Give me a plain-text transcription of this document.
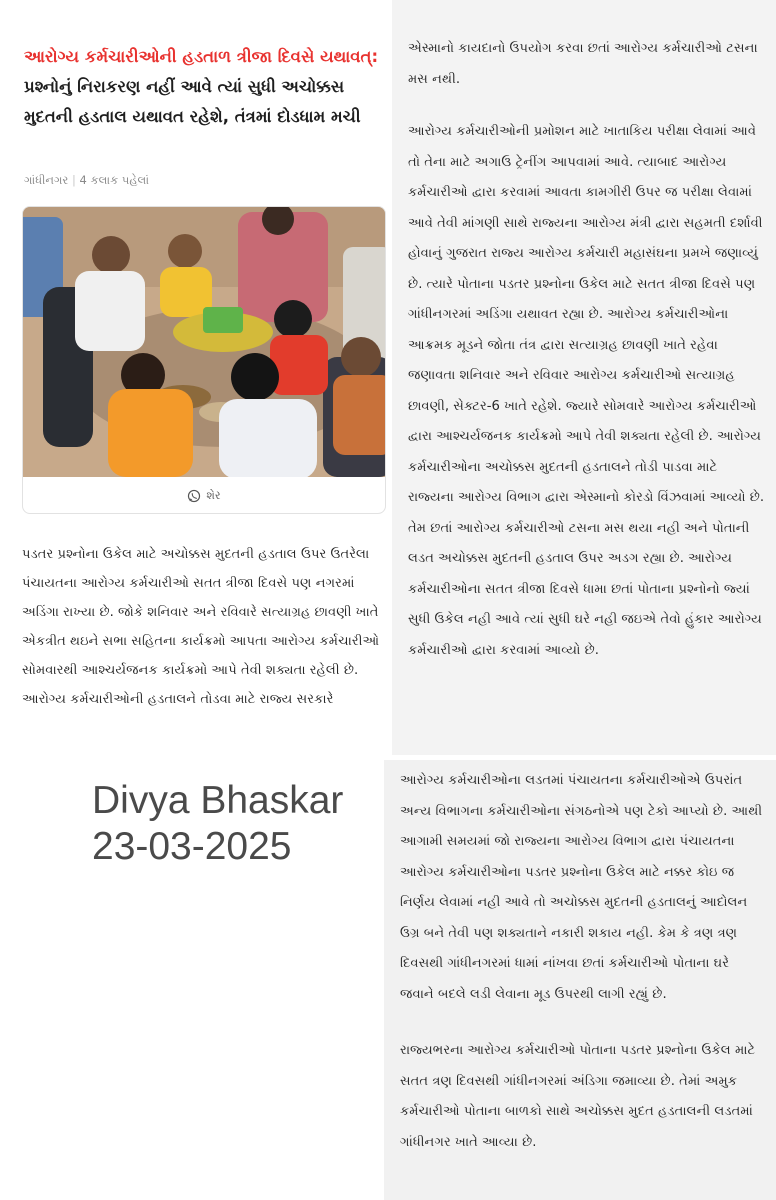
આરોગ્ય કર્મચારીઓની હડતાળ ત્રીજા દિવસે યથાવત્: પ્રશ્નોનું નિરાકરણ નહીં આવે ત્યાં સુધી અચોક્કસ મુદતની હડતાલ યથાવત રહેશે, તંત્રમાં દોડધામ મચી
ગાંધીનગર | 4 કલાક પહેલાં
શેર
પડતર પ્રશ્નોના ઉકેલ માટે અચોક્કસ મુદતની હડતાલ ઉપર ઉતરેલા પંચાયતના આરોગ્ય કર્મચારીઓ સતત ત્રીજા દિવસે પણ નગરમાં અડિંગા રાખ્યા છે. જોકે શનિવાર અને રવિવારે સત્યાગ્રહ છાવણી ખાતે એકત્રીત થઇને સભા સહિતના કાર્યક્રમો આપતા આરોગ્ય કર્મચારીઓ સોમવારથી આશ્ચર્યજનક કાર્યક્રમો આપે તેવી શક્યતા રહેલી છે. આરોગ્ય કર્મચારીઓની હડતાલને તોડવા માટે રાજ્ય સરકારે
Divya Bhaskar
23-03-2025

એસ્માનો કાયદાનો ઉપયોગ કરવા છતાં આરોગ્ય કર્મચારીઓ ટસના મસ નથી.

આરોગ્ય કર્મચારીઓની પ્રમોશન માટે ખાતાકિય પરીક્ષા લેવામાં આવે તો તેના માટે અગાઉ ટ્રેનીંગ આપવામાં આવે. ત્યાબાદ આરોગ્ય કર્મચારીઓ દ્વારા કરવામાં આવતા કામગીરી ઉપર જ પરીક્ષા લેવામાં આવે તેવી માંગણી સાથે રાજ્યના આરોગ્ય મંત્રી દ્વારા સહમતી દર્શાવી હોવાનું ગુજરાત રાજ્ય આરોગ્ય કર્મચારી મહાસંઘના પ્રમખે જણાવ્યું છે. ત્યારે પોતાના પડતર પ્રશ્નોના ઉકેલ માટે સતત ત્રીજા દિવસે પણ ગાંધીનગરમાં અડિંગા યથાવત રહ્યા છે. આરોગ્ય કર્મચારીઓના આક્રમક મૂડને જોતા તંત્ર દ્વારા સત્યાગ્રહ છાવણી ખાતે રહેવા જણાવતા શનિવાર અને રવિવાર આરોગ્ય કર્મચારીઓ સત્યાગ્રહ છાવણી, સેક્ટર-6 ખાતે રહેશે. જ્યારે સોમવારે આરોગ્ય કર્મચારીઓ દ્વારા આશ્ચર્યજનક કાર્યક્રમો આપે તેવી શક્યતા રહેલી છે. આરોગ્ય કર્મચારીઓના અચોક્કસ મુદતની હડતાલને તોડી પાડવા માટે રાજ્યના આરોગ્ય વિભાગ દ્વારા એસ્માનો કોરડો વિંઝવામાં આવ્યો છે. તેમ છતાં આરોગ્ય કર્મચારીઓ ટસના મસ થયા નહી અને પોતાની લડત અચોક્કસ મુદતની હડતાલ ઉપર અડગ રહ્યા છે. આરોગ્ય કર્મચારીઓના સતત ત્રીજા દિવસે ધામા છતાં પોતાના પ્રશ્નોનો જ્યાં સુધી ઉકેલ નહી આવે ત્યાં સુધી ઘરે નહી જઇએ તેવો હુંકાર આરોગ્ય કર્મચારીઓ દ્વારા કરવામાં આવ્યો છે.

આરોગ્ય કર્મચારીઓના લડતમાં પંચાયતના કર્મચારીઓએ ઉપરાંત અન્ય વિભાગના કર્મચારીઓના સંગઠનોએ પણ ટેકો આપ્યો છે. આથી આગામી સમયમાં જો રાજ્યના આરોગ્ય વિભાગ દ્વારા પંચાયતના આરોગ્ય કર્મચારીઓના પડતર પ્રશ્નોના ઉકેલ માટે નક્કર કોઇ જ નિર્ણય લેવામાં નહી આવે તો અચોક્કસ મુદતની હડતાલનું આદોલન ઉગ્ર બને તેવી પણ શક્યતાને નકારી શકાય નહી. કેમ કે ત્રણ ત્રણ દિવસથી ગાંધીનગરમાં ધામાં નાંખવા છતાં કર્મચારીઓ પોતાના ઘરે જવાને બદલે લડી લેવાના મૂડ ઉપરથી લાગી રહ્યું છે.

રાજ્યભરના આરોગ્ય કર્મચારીઓ પોતાના પડતર પ્રશ્નોના ઉકેલ માટે સતત ત્રણ દિવસથી ગાંધીનગરમાં અંડિગા જમાવ્યા છે. તેમાં અમુક કર્મચારીઓ પોતાના બાળકો સાથે અચોક્કસ મુદત હડતાલની લડતમાં ગાંધીનગર ખાતે આવ્યા છે.
